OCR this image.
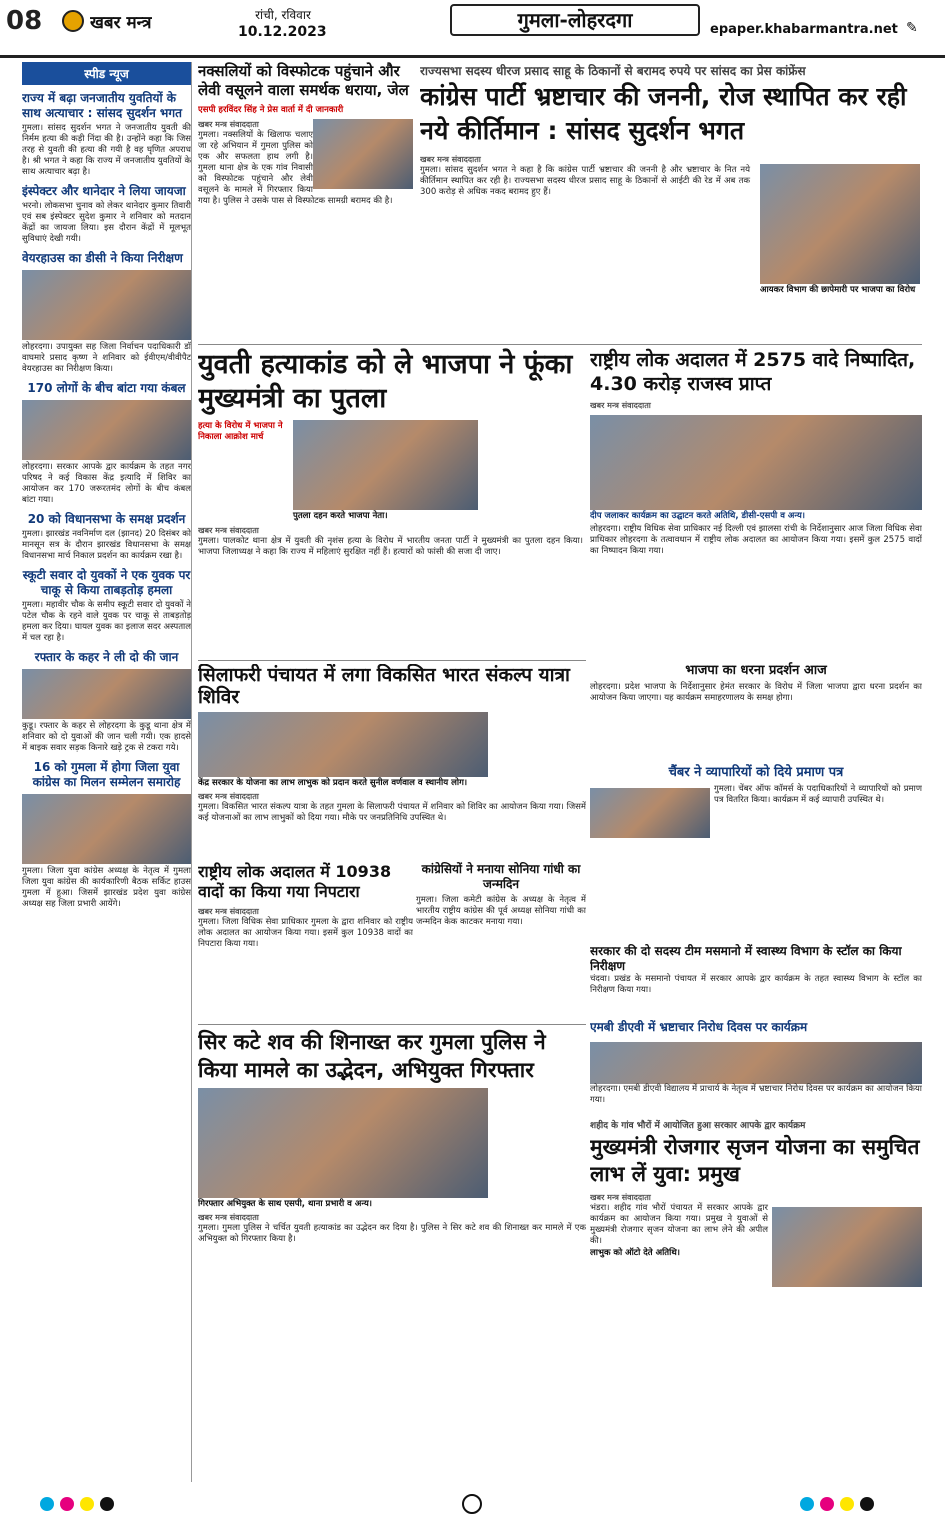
08	खबर मन्त्र	रांची, रविवार
10.12.2023	गुमला-लोहरदगा	epaper.khabarmantra.net ✎
स्पीड न्यूज
राज्य में बढ़ा जनजातीय युवतियों के साथ अत्याचार : सांसद सुदर्शन भगत
गुमला। सांसद सुदर्शन भगत ने जनजातीय युवती की निर्मम हत्या की कड़ी निंदा की है। उन्होंने कहा कि जिस तरह से युवती की हत्या की गयी है वह घृणित अपराध है। श्री भगत ने कहा कि राज्य में जनजातीय युवतियों के साथ अत्याचार बढ़ा है।
इंस्पेक्टर और थानेदार ने लिया जायजा
भरनो। लोकसभा चुनाव को लेकर थानेदार कुमार तिवारी एवं सब इंस्पेक्टर सुदेश कुमार ने शनिवार को मतदान केंद्रों का जायजा लिया। इस दौरान केंद्रों में मूलभूत सुविधाएं देखी गयी।
वेयरहाउस का डीसी ने किया निरीक्षण
लोहरदगा। उपायुक्त सह जिला निर्वाचन पदाधिकारी डॉ वाघमारे प्रसाद कृष्ण ने शनिवार को ईवीएम/वीवीपैट वेयरहाउस का निरीक्षण किया।
170 लोगों के बीच बांटा गया कंबल
लोहरदगा। सरकार आपके द्वार कार्यक्रम के तहत नगर परिषद ने कई विकास केंद्र इत्यादि में शिविर का आयोजन कर 170 जरूरतमंद लोगों के बीच कंबल बांटा गया।
20 को विधानसभा के समक्ष प्रदर्शन
गुमला। झारखंड नवनिर्माण दल (झानद) 20 दिसंबर को मानसून सत्र के दौरान झारखंड विधानसभा के समक्ष विधानसभा मार्च निकाल प्रदर्शन का कार्यक्रम रखा है।
स्कूटी सवार दो युवकों ने एक युवक पर चाकू से किया ताबड़तोड़ हमला
गुमला। महावीर चौक के समीप स्कूटी सवार दो युवकों ने पटेल चौक के रहने वाले युवक पर चाकू से ताबड़तोड़ हमला कर दिया। घायल युवक का इलाज सदर अस्पताल में चल रहा है।
रफ्तार के कहर ने ली दो की जान
कुडू। रफ्तार के कहर से लोहरदगा के कुडू थाना क्षेत्र में शनिवार को दो युवाओं की जान चली गयी। एक हादसे में बाइक सवार सड़क किनारे खड़े ट्रक से टकरा गये।
16 को गुमला में होगा जिला युवा कांग्रेस का मिलन सम्मेलन समारोह
गुमला। जिला युवा कांग्रेस अध्यक्ष के नेतृत्व में गुमला जिला युवा कांग्रेस की कार्यकारिणी बैठक सर्किट हाउस गुमला में हुआ। जिसमें झारखंड प्रदेश युवा कांग्रेस अध्यक्ष सह जिला प्रभारी आयेंगे।
राज्यसभा सदस्य धीरज प्रसाद साहू के ठिकानों से बरामद रुपये पर सांसद का प्रेस कांफ्रेंस
नक्सलियों को विस्फोटक पहुंचाने और लेवी वसूलने वाला समर्थक धराया, जेल
एसपी हरविंदर सिंह ने प्रेस वार्ता में दी जानकारी
खबर मन्त्र संवाददाता
गुमला। नक्सलियों के खिलाफ चलाए जा रहे अभियान में गुमला पुलिस को एक और सफलता हाथ लगी है। गुमला थाना क्षेत्र के एक गांव निवासी को विस्फोटक पहुंचाने और लेवी वसूलने के मामले में गिरफ्तार किया गया है। पुलिस ने उसके पास से विस्फोटक सामग्री बरामद की है।
कांग्रेस पार्टी भ्रष्टाचार की जननी, रोज स्थापित कर रही नये कीर्तिमान : सांसद सुदर्शन भगत
खबर मन्त्र संवाददाता
गुमला। सांसद सुदर्शन भगत ने कहा है कि कांग्रेस पार्टी भ्रष्टाचार की जननी है और भ्रष्टाचार के नित नये कीर्तिमान स्थापित कर रही है। राज्यसभा सदस्य धीरज प्रसाद साहू के ठिकानों से आईटी की रेड में अब तक 300 करोड़ से अधिक नकद बरामद हुए हैं।
आयकर विभाग की छापेमारी पर भाजपा का विरोध
युवती हत्याकांड को ले भाजपा ने फूंका मुख्यमंत्री का पुतला
हत्या के विरोध में भाजपा ने निकाला आक्रोश मार्च
पुतला दहन करते भाजपा नेता।
खबर मन्त्र संवाददाता
गुमला। पालकोट थाना क्षेत्र में युवती की नृशंस हत्या के विरोध में भारतीय जनता पार्टी ने मुख्यमंत्री का पुतला दहन किया। भाजपा जिलाध्यक्ष ने कहा कि राज्य में महिलाएं सुरक्षित नहीं हैं। हत्यारों को फांसी की सजा दी जाए।
राष्ट्रीय लोक अदालत में 2575 वादे निष्पादित, 4.30 करोड़ राजस्व प्राप्त
खबर मन्त्र संवाददाता
दीप जलाकर कार्यक्रम का उद्घाटन करते अतिथि, डीसी-एसपी व अन्य।
लोहरदगा। राष्ट्रीय विधिक सेवा प्राधिकार नई दिल्ली एवं झालसा रांची के निर्देशानुसार आज जिला विधिक सेवा प्राधिकार लोहरदगा के तत्वावधान में राष्ट्रीय लोक अदालत का आयोजन किया गया। इसमें कुल 2575 वादों का निष्पादन किया गया।
भाजपा का धरना प्रदर्शन आज
लोहरदगा। प्रदेश भाजपा के निर्देशानुसार हेमंत सरकार के विरोध में जिला भाजपा द्वारा धरना प्रदर्शन का आयोजन किया जाएगा। यह कार्यक्रम समाहरणालय के समक्ष होगा।
सिलाफरी पंचायत में लगा विकसित भारत संकल्प यात्रा शिविर
केंद्र सरकार के योजना का लाभ लाभुक को प्रदान करते सुनील वर्णवाल व स्थानीय लोग।
खबर मन्त्र संवाददाता
गुमला। विकसित भारत संकल्प यात्रा के तहत गुमला के सिलाफरी पंचायत में शनिवार को शिविर का आयोजन किया गया। जिसमें कई योजनाओं का लाभ लाभुकों को दिया गया। मौके पर जनप्रतिनिधि उपस्थित थे।
चैंबर ने व्यापारियों को दिये प्रमाण पत्र
गुमला। चेंबर ऑफ कॉमर्स के पदाधिकारियों ने व्यापारियों को प्रमाण पत्र वितरित किया। कार्यक्रम में कई व्यापारी उपस्थित थे।
राष्ट्रीय लोक अदालत में 10938 वादों का किया गया निपटारा
खबर मन्त्र संवाददाता
गुमला। जिला विधिक सेवा प्राधिकार गुमला के द्वारा शनिवार को राष्ट्रीय लोक अदालत का आयोजन किया गया। इसमें कुल 10938 वादों का निपटारा किया गया।
कांग्रेसियों ने मनाया सोनिया गांधी का जन्मदिन
गुमला। जिला कमेटी कांग्रेस के अध्यक्ष के नेतृत्व में भारतीय राष्ट्रीय कांग्रेस की पूर्व अध्यक्ष सोनिया गांधी का जन्मदिन केक काटकर मनाया गया।
सरकार की दो सदस्य टीम मसमानो में स्वास्थ्य विभाग के स्टॉल का किया निरीक्षण
चंदवा। प्रखंड के मसमानो पंचायत में सरकार आपके द्वार कार्यक्रम के तहत स्वास्थ्य विभाग के स्टॉल का निरीक्षण किया गया।
एमबी डीएवी में भ्रष्टाचार निरोध दिवस पर कार्यक्रम
लोहरदगा। एमबी डीएवी विद्यालय में प्राचार्य के नेतृत्व में भ्रष्टाचार निरोध दिवस पर कार्यक्रम का आयोजन किया गया।
सिर कटे शव की शिनाख्त कर गुमला पुलिस ने किया मामले का उद्भेदन, अभियुक्त गिरफ्तार
गिरफ्तार अभियुक्त के साथ एसपी, थाना प्रभारी व अन्य।
खबर मन्त्र संवाददाता
गुमला। गुमला पुलिस ने चर्चित युवती हत्याकांड का उद्भेदन कर दिया है। पुलिस ने सिर कटे शव की शिनाख्त कर मामले में एक अभियुक्त को गिरफ्तार किया है।
शहीद के गांव भौरों में आयोजित हुआ सरकार आपके द्वार कार्यक्रम
मुख्यमंत्री रोजगार सृजन योजना का समुचित लाभ लें युवा: प्रमुख
खबर मन्त्र संवाददाता
भंडरा। शहीद गांव भौरों पंचायत में सरकार आपके द्वार कार्यक्रम का आयोजन किया गया। प्रमुख ने युवाओं से मुख्यमंत्री रोजगार सृजन योजना का लाभ लेने की अपील की।
लाभुक को ऑटो देते अतिथि।
